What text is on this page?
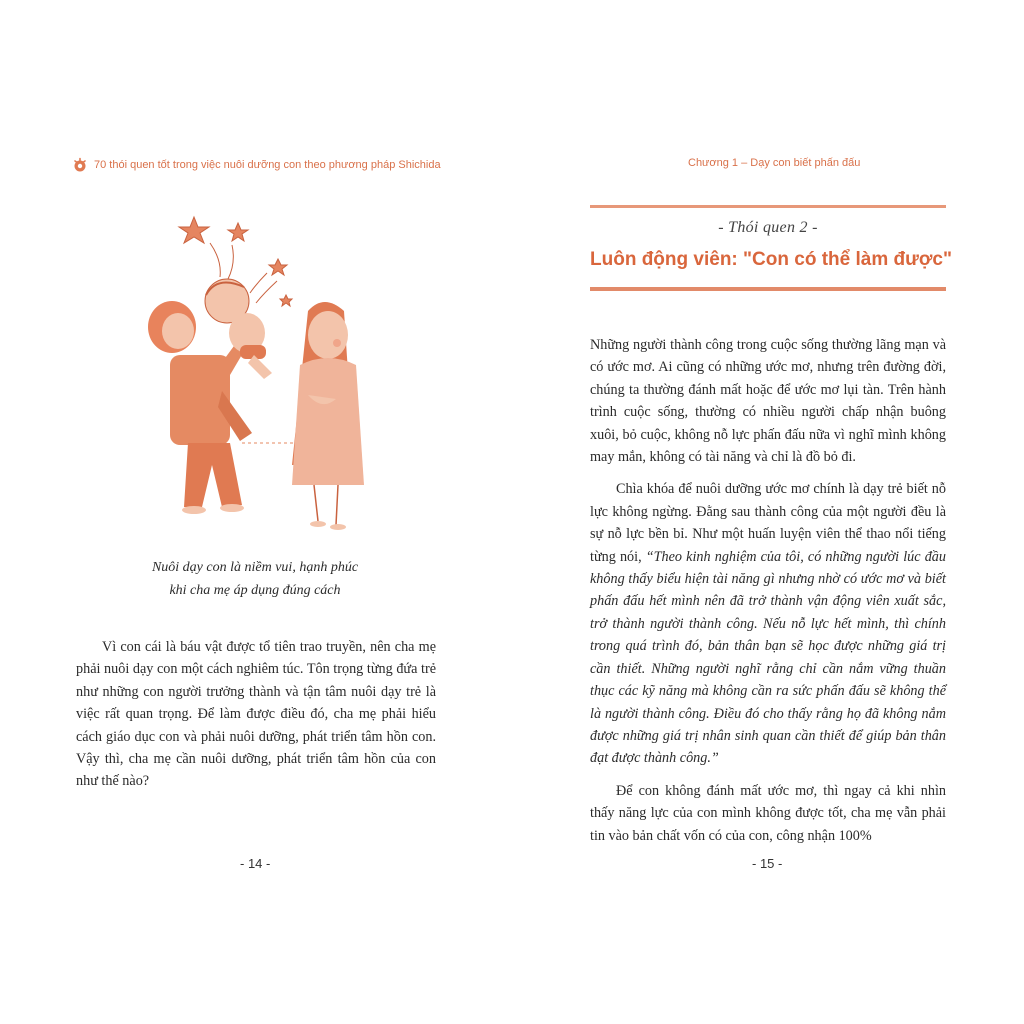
70 thói quen tốt trong việc nuôi dưỡng con theo phương pháp Shichida
Nuôi dạy con là niềm vui, hạnh phúc
khi cha mẹ áp dụng đúng cách

Vì con cái là báu vật được tổ tiên trao truyền, nên cha mẹ phải nuôi dạy con một cách nghiêm túc. Tôn trọng từng đứa trẻ như những con người trưởng thành và tận tâm nuôi dạy trẻ là việc rất quan trọng. Để làm được điều đó, cha mẹ phải hiểu cách giáo dục con và phải nuôi dưỡng, phát triển tâm hồn con. Vậy thì, cha mẹ cần nuôi dưỡng, phát triển tâm hồn của con như thế nào?

- 14 -
Chương 1 – Dạy con biết phấn đấu
- Thói quen 2 -
Luôn động viên: "Con có thể làm được"

Những người thành công trong cuộc sống thường lãng mạn và có ước mơ. Ai cũng có những ước mơ, nhưng trên đường đời, chúng ta thường đánh mất hoặc để ước mơ lụi tàn. Trên hành trình cuộc sống, thường có nhiều người chấp nhận buông xuôi, bỏ cuộc, không nỗ lực phấn đấu nữa vì nghĩ mình không may mắn, không có tài năng và chỉ là đồ bỏ đi.

Chìa khóa để nuôi dưỡng ước mơ chính là dạy trẻ biết nỗ lực không ngừng. Đằng sau thành công của một người đều là sự nỗ lực bền bỉ. Như một huấn luyện viên thể thao nổi tiếng từng nói, “Theo kinh nghiệm của tôi, có những người lúc đầu không thấy biểu hiện tài năng gì nhưng nhờ có ước mơ và biết phấn đấu hết mình nên đã trở thành vận động viên xuất sắc, trở thành người thành công. Nếu nỗ lực hết mình, thì chính trong quá trình đó, bản thân bạn sẽ học được những giá trị cần thiết. Những người nghĩ rằng chỉ cần nắm vững thuần thục các kỹ năng mà không cần ra sức phấn đấu sẽ không thể là người thành công. Điều đó cho thấy rằng họ đã không nắm được những giá trị nhân sinh quan cần thiết để giúp bản thân đạt được thành công.”

Để con không đánh mất ước mơ, thì ngay cả khi nhìn thấy năng lực của con mình không được tốt, cha mẹ vẫn phải tin vào bản chất vốn có của con, công nhận 100%

- 15 -
